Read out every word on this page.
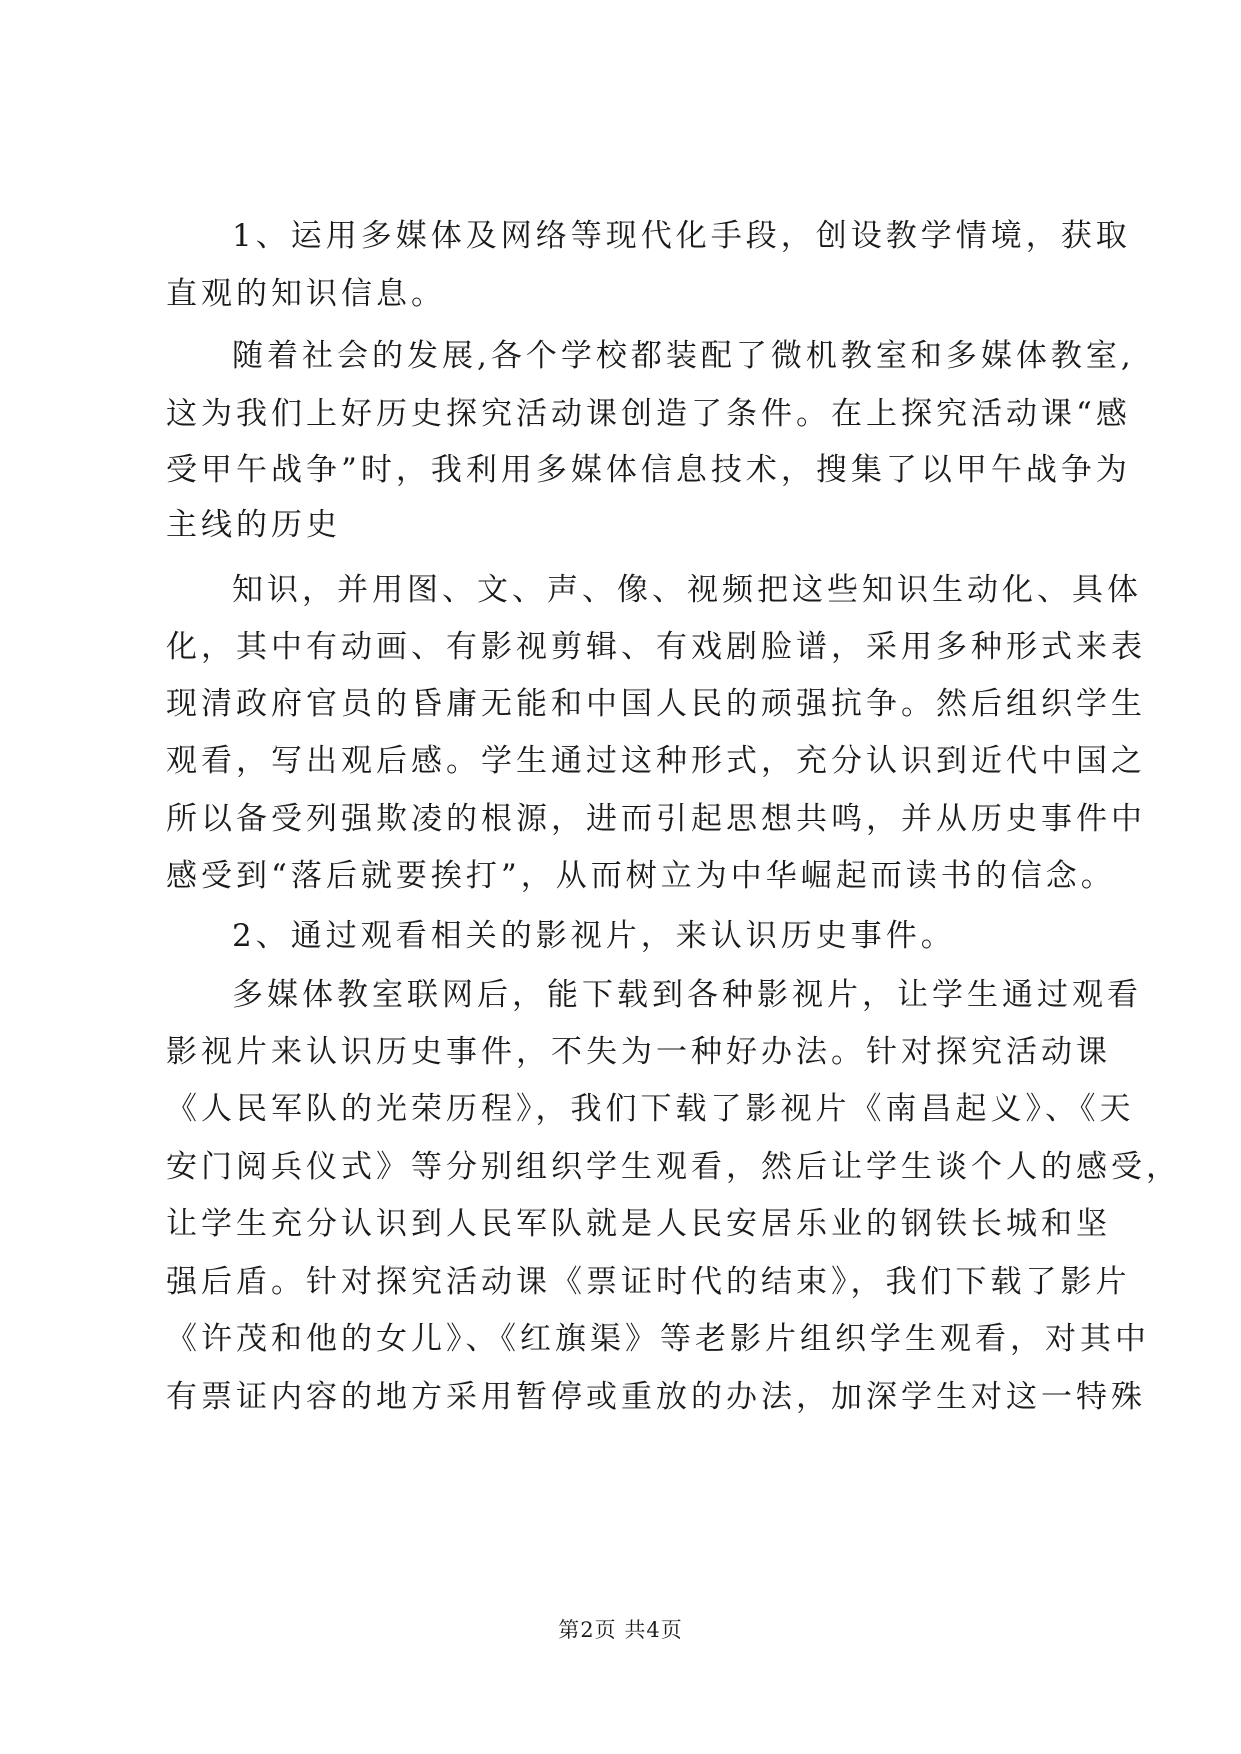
1、运用多媒体及网络等现代化手段，创设教学情境，获取
直观的知识信息。
随着社会的发展,各个学校都装配了微机教室和多媒体教室,
这为我们上好历史探究活动课创造了条件。在上探究活动课“感
受甲午战争”时，我利用多媒体信息技术，搜集了以甲午战争为
主线的历史
知识，并用图、文、声、像、视频把这些知识生动化、具体
化，其中有动画、有影视剪辑、有戏剧脸谱，采用多种形式来表
现清政府官员的昏庸无能和中国人民的顽强抗争。然后组织学生
观看，写出观后感。学生通过这种形式，充分认识到近代中国之
所以备受列强欺凌的根源，进而引起思想共鸣，并从历史事件中
感受到“落后就要挨打”，从而树立为中华崛起而读书的信念。
2、通过观看相关的影视片，来认识历史事件。
多媒体教室联网后，能下载到各种影视片，让学生通过观看
影视片来认识历史事件，不失为一种好办法。针对探究活动课
《人民军队的光荣历程》，我们下载了影视片《南昌起义》、《天
安门阅兵仪式》等分别组织学生观看，然后让学生谈个人的感受，
让学生充分认识到人民军队就是人民安居乐业的钢铁长城和坚
强后盾。针对探究活动课《票证时代的结束》，我们下载了影片
《许茂和他的女儿》、《红旗渠》等老影片组织学生观看，对其中
有票证内容的地方采用暂停或重放的办法，加深学生对这一特殊
第2页 共4页
